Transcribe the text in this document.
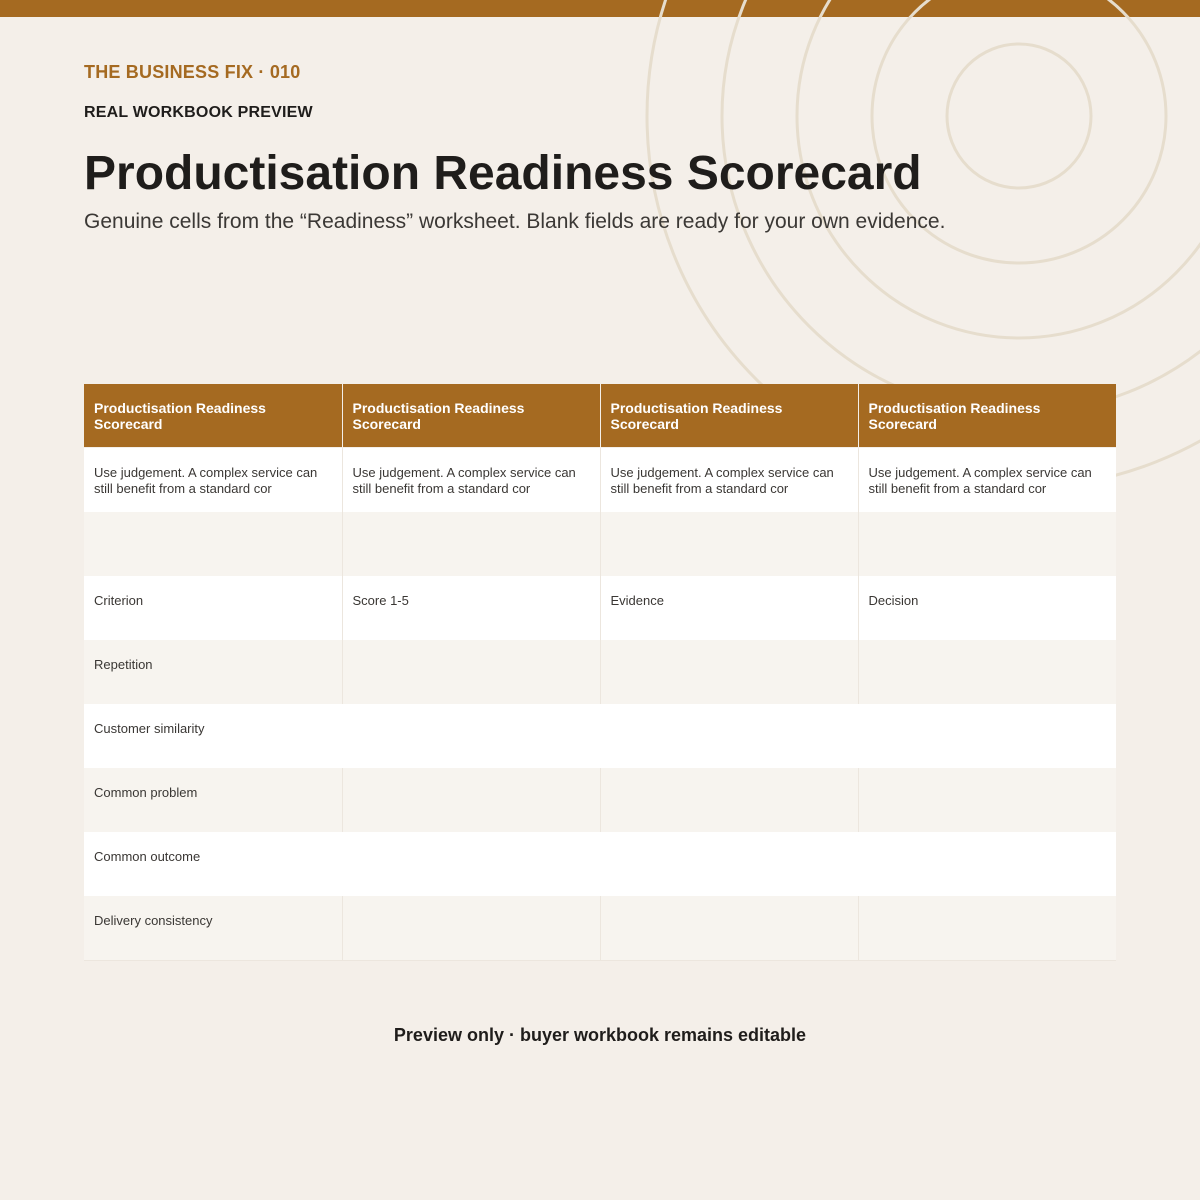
THE BUSINESS FIX · 010
REAL WORKBOOK PREVIEW
Productisation Readiness Scorecard
Genuine cells from the “Readiness” worksheet. Blank fields are ready for your own evidence.
Productisation Readiness Scorecard	Productisation Readiness Scorecard	Productisation Readiness Scorecard	Productisation Readiness Scorecard
Use judgement. A complex service can still benefit from a standard cor	Use judgement. A complex service can still benefit from a standard cor	Use judgement. A complex service can still benefit from a standard cor	Use judgement. A complex service can still benefit from a standard cor

Criterion	Score 1-5	Evidence	Decision
Repetition			
Customer similarity			
Common problem			
Common outcome			
Delivery consistency			
Preview only · buyer workbook remains editable
